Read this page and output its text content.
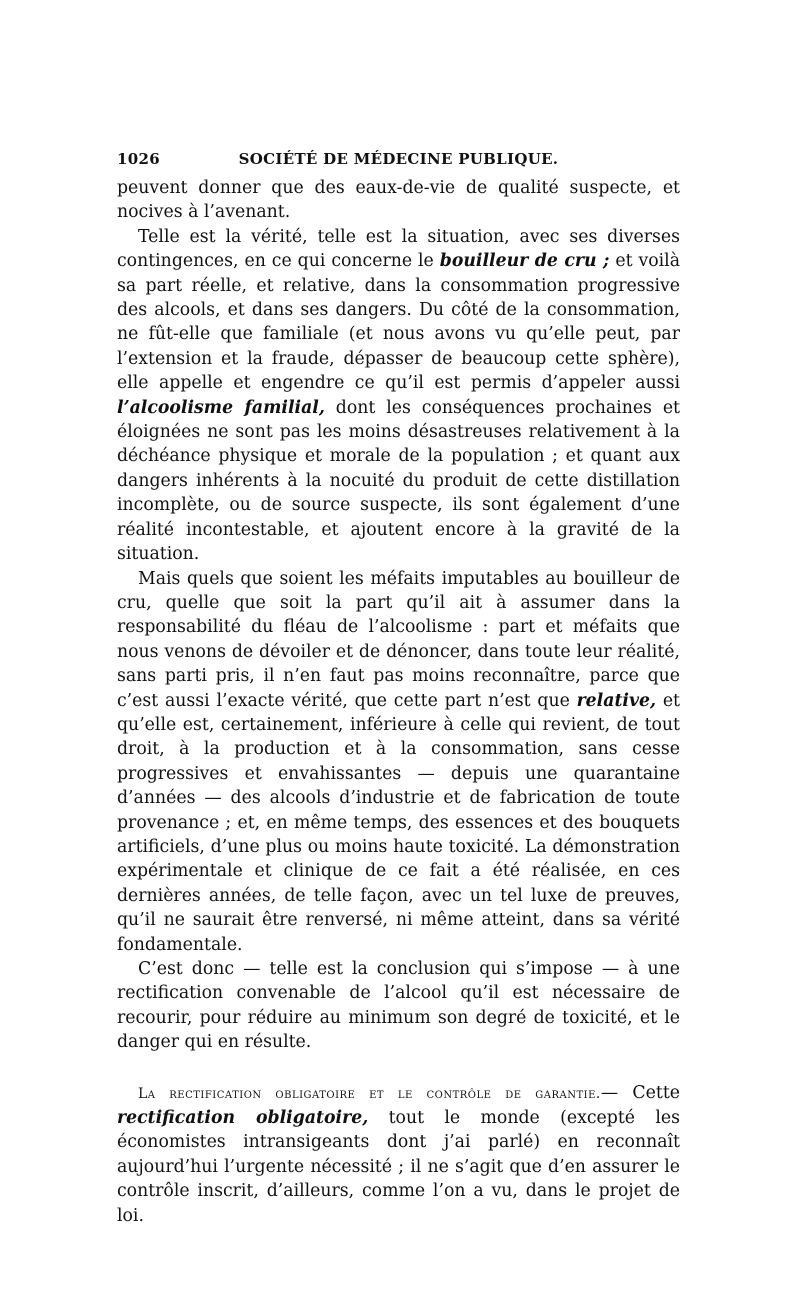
1026	SOCIÉTÉ DE MÉDECINE PUBLIQUE.

peuvent donner que des eaux-de-vie de qualité suspecte, et nocives à l’avenant.

Telle est la vérité, telle est la situation, avec ses diverses contingences, en ce qui concerne le bouilleur de cru ; et voilà sa part réelle, et relative, dans la consommation progressive des alcools, et dans ses dangers. Du côté de la consommation, ne fût-elle que familiale (et nous avons vu qu’elle peut, par l’extension et la fraude, dépasser de beaucoup cette sphère), elle appelle et engendre ce qu’il est permis d’appeler aussi l’alcoolisme familial, dont les conséquences prochaines et éloignées ne sont pas les moins désastreuses relativement à la déchéance physique et morale de la population ; et quant aux dangers inhérents à la nocuité du produit de cette distillation incomplète, ou de source suspecte, ils sont également d’une réalité incontestable, et ajoutent encore à la gravité de la situation.

Mais quels que soient les méfaits imputables au bouilleur de cru, quelle que soit la part qu’il ait à assumer dans la responsabilité du fléau de l’alcoolisme : part et méfaits que nous venons de dévoiler et de dénoncer, dans toute leur réalité, sans parti pris, il n’en faut pas moins reconnaître, parce que c’est aussi l’exacte vérité, que cette part n’est que relative, et qu’elle est, certainement, inférieure à celle qui revient, de tout droit, à la production et à la consommation, sans cesse progressives et envahissantes — depuis une quarantaine d’années — des alcools d’industrie et de fabrication de toute provenance ; et, en même temps, des essences et des bouquets artificiels, d’une plus ou moins haute toxicité. La démonstration expérimentale et clinique de ce fait a été réalisée, en ces dernières années, de telle façon, avec un tel luxe de preuves, qu’il ne saurait être renversé, ni même atteint, dans sa vérité fondamentale.

C’est donc — telle est la conclusion qui s’impose — à une rectification convenable de l’alcool qu’il est nécessaire de recourir, pour réduire au minimum son degré de toxicité, et le danger qui en résulte.

La rectification obligatoire et le contrôle de garantie.— Cette rectification obligatoire, tout le monde (excepté les économistes intransigeants dont j’ai parlé) en reconnaît aujourd’hui l’urgente nécessité ; il ne s’agit que d’en assurer le contrôle inscrit, d’ailleurs, comme l’on a vu, dans le projet de loi.
